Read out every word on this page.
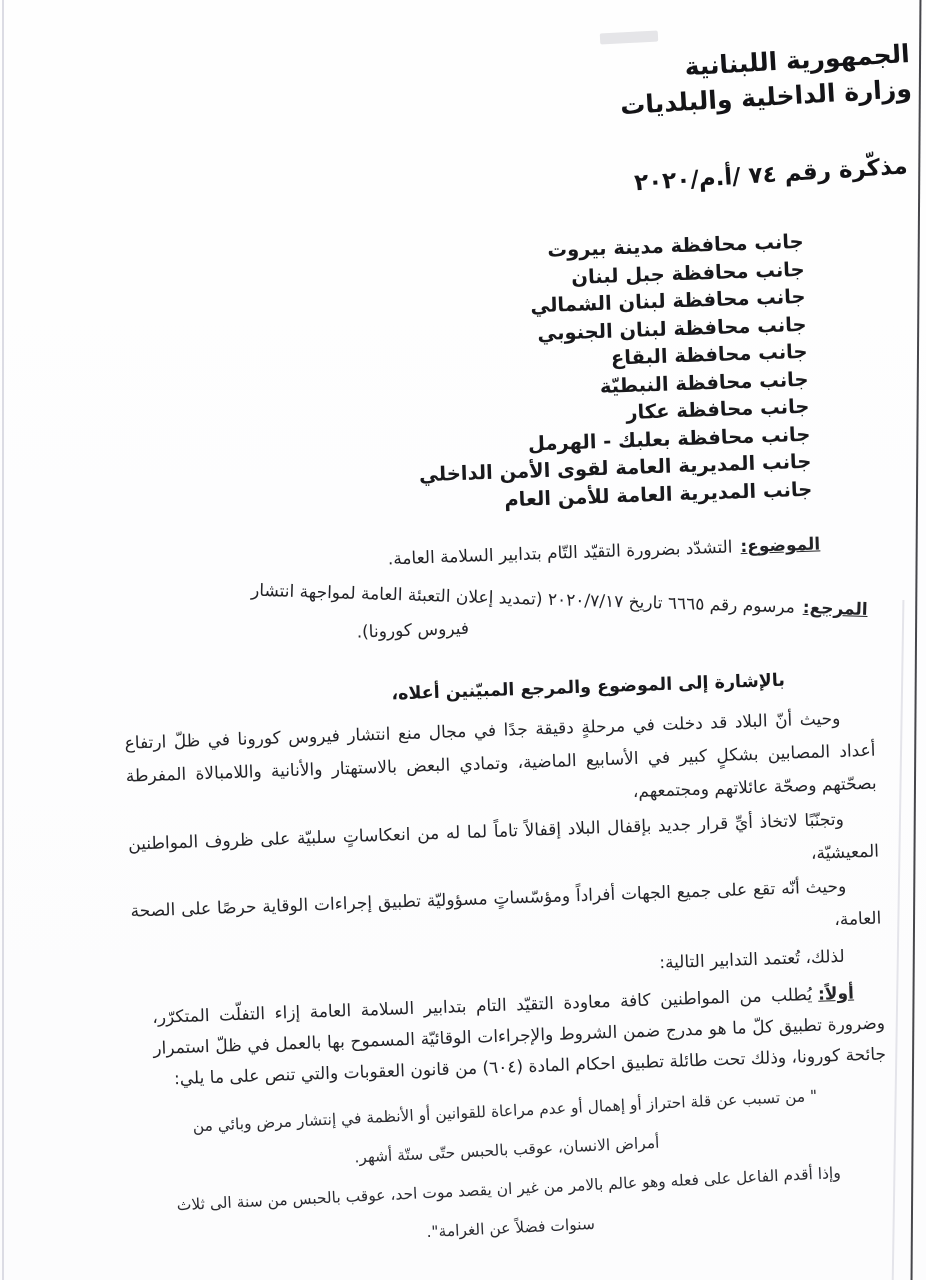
الجمهورية اللبنانية
وزارة الداخلية والبلديات
مذكّرة رقم ٧٤ /أ.م/٢٠٢٠
جانب محافظة مدينة بيروت
جانب محافظة جبل لبنان
جانب محافظة لبنان الشمالي
جانب محافظة لبنان الجنوبي
جانب محافظة البقاع
جانب محافظة النبطيّة
جانب محافظة عكار
جانب محافظة بعلبك - الهرمل
جانب المديرية العامة لقوى الأمن الداخلي
جانب المديرية العامة للأمن العام
الموضوع:التشدّد بضرورة التقيّد التّام بتدابير السلامة العامة.
المرجع:مرسوم رقم ٦٦٦٥ تاريخ ٢٠٢٠/٧/١٧ (تمديد إعلان التعبئة العامة لمواجهة انتشار
فيروس كورونا).
بالإشارة إلى الموضوع والمرجع المبيّنين أعلاه،
وحيث أنّ البلاد قد دخلت في مرحلةٍ دقيقة جدًا في مجال منع انتشار فيروس كورونا في ظلّ ارتفاع أعداد المصابين بشكلٍ كبير في الأسابيع الماضية، وتمادي البعض بالاستهتار والأنانية واللامبالاة المفرطة بصحّتهم وصحّة عائلاتهم ومجتمعهم،
وتجنّبًا لاتخاذ أيِّ قرار جديد بإقفال البلاد إقفالاً تاماً لما له من انعكاساتٍ سلبيّة على ظروف المواطنين المعيشيّة،
وحيث أنّه تقع على جميع الجهات أفراداً ومؤسّساتٍ مسؤوليّة تطبيق إجراءات الوقاية حرصًا على الصحة العامة،
لذلك، تُعتمد التدابير التالية:
أولاً:يُطلب من المواطنين كافة معاودة التقيّد التام بتدابير السلامة العامة إزاء التفلّت المتكرّر، وضرورة تطبيق كلّ ما هو مدرج ضمن الشروط والإجراءات الوقائيّة المسموح بها بالعمل في ظلّ استمرار جائحة كورونا، وذلك تحت طائلة تطبيق احكام المادة (٦٠٤) من قانون العقوبات والتي تنص على ما يلي:
" من تسبب عن قلة احتراز أو إهمال أو عدم مراعاة للقوانين أو الأنظمة في إنتشار مرض وبائي من
أمراض الانسان، عوقب بالحبس حتّى ستّة أشهر.
وإذا أقدم الفاعل على فعله وهو عالم بالامر من غير ان يقصد موت احد، عوقب بالحبس من سنة الى ثلاث
سنوات فضلاً عن الغرامة".
